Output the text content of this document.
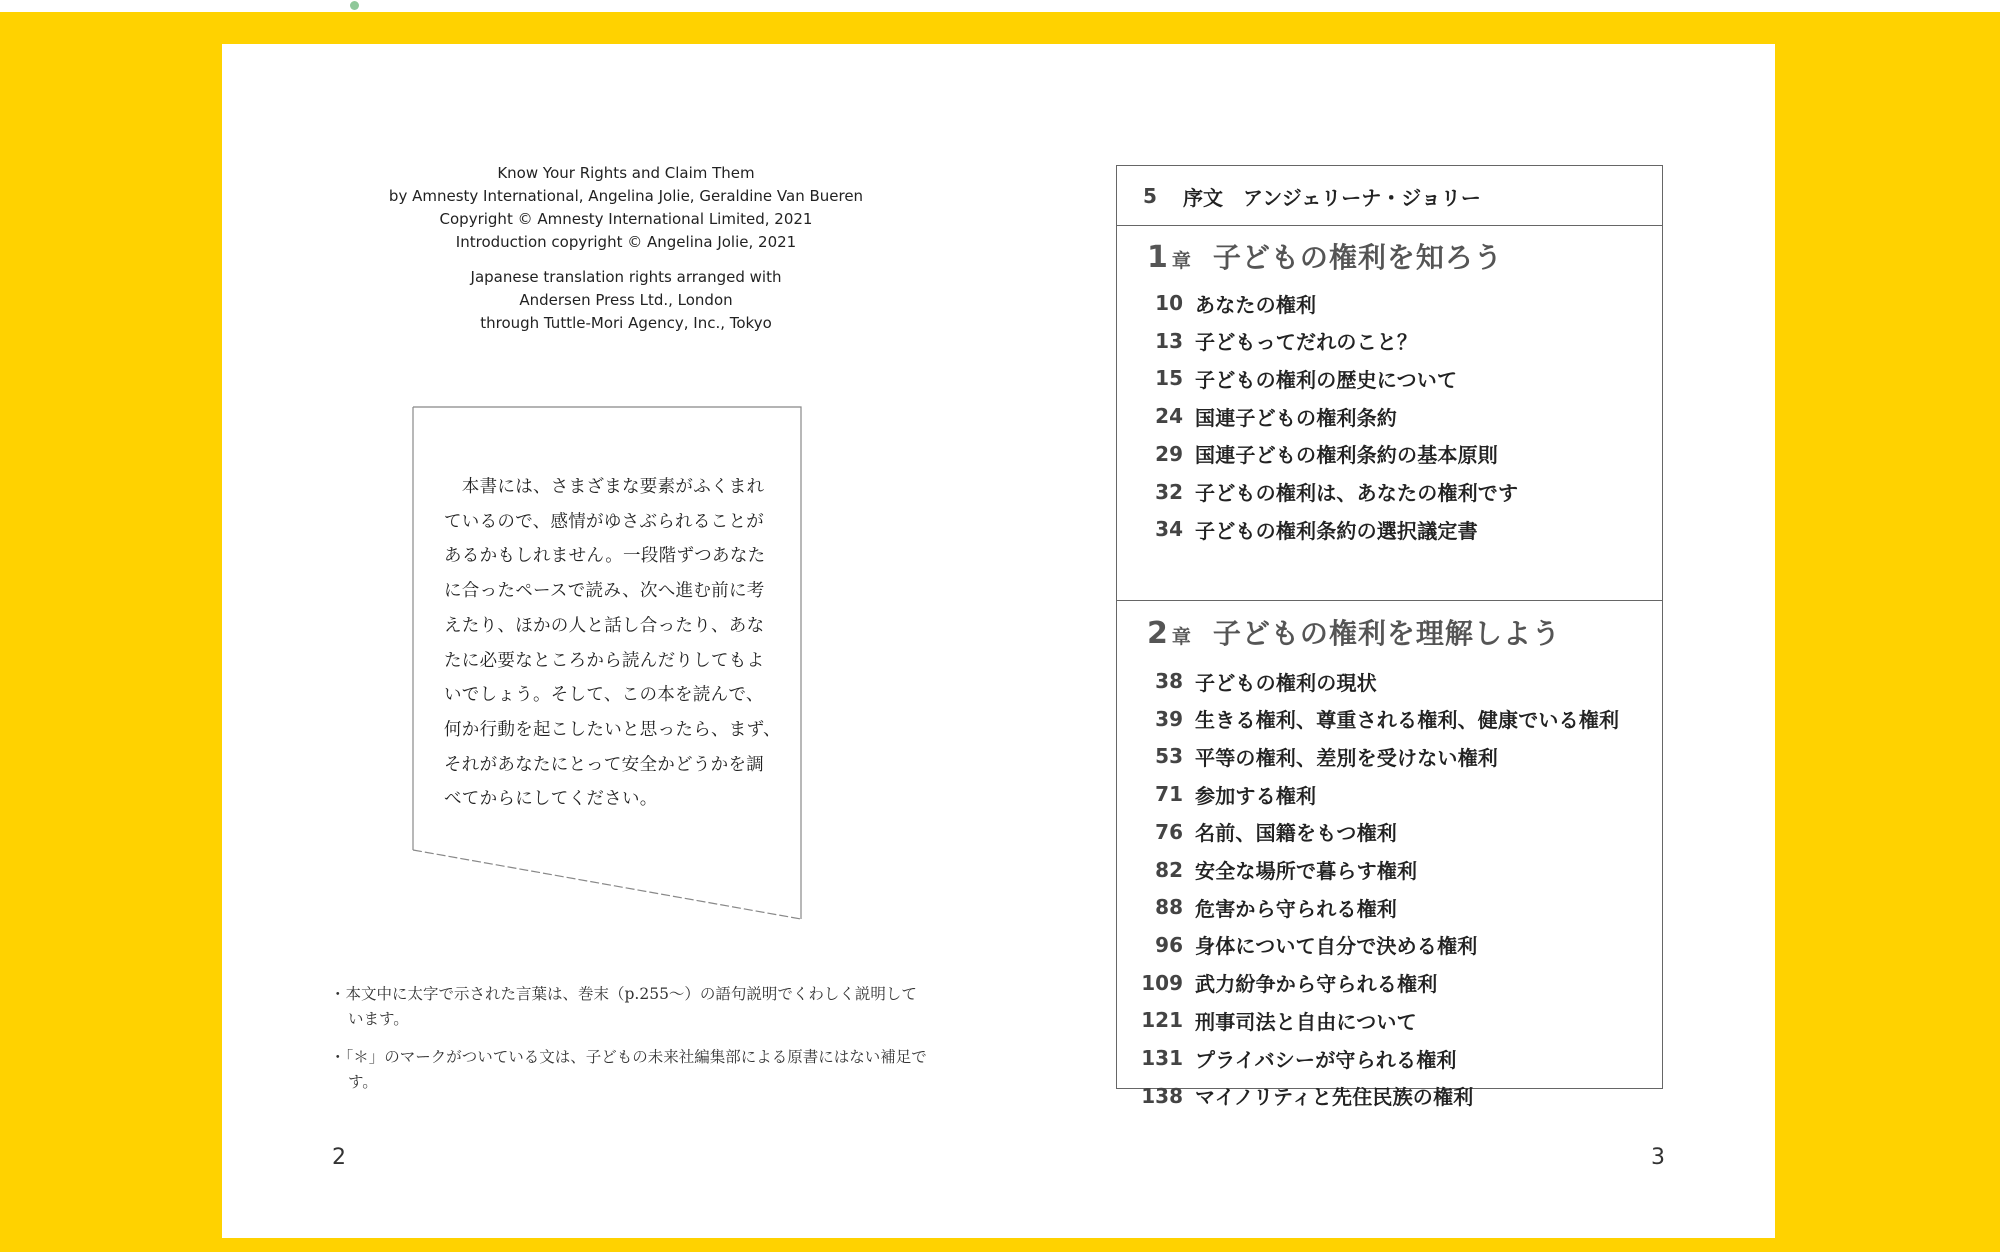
Know Your Rights and Claim Them
by Amnesty International, Angelina Jolie, Geraldine Van Bueren
Copyright © Amnesty International Limited, 2021
Introduction copyright © Angelina Jolie, 2021
Japanese translation rights arranged with
Andersen Press Ltd., London
through Tuttle-Mori Agency, Inc., Tokyo

　本書には、さまざまな要素がふくまれ

ているので、感情がゆさぶられることが

あるかもしれません。一段階ずつあなた

に合ったペースで読み、次へ進む前に考

えたり、ほかの人と話し合ったり、あな

たに必要なところから読んだりしてもよ

いでしょう。そして、この本を読んで、

何か行動を起こしたいと思ったら、まず、

それがあなたにとって安全かどうかを調

べてからにしてください。

・本文中に太字で示された言葉は、巻末（p.255～）の語句説明でくわしく説明しています。
・「＊」のマークがついている文は、子どもの未来社編集部による原書にはない補足です。
2
5 序文　アンジェリーナ・ジョリー
1 章 子どもの権利を知ろう
10 あなたの権利
13 子どもってだれのこと？
15 子どもの権利の歴史について
24 国連子どもの権利条約
29 国連子どもの権利条約の基本原則
32 子どもの権利は、あなたの権利です
34 子どもの権利条約の選択議定書
2 章 子どもの権利を理解しよう
38 子どもの権利の現状
39 生きる権利、尊重される権利、健康でいる権利
53 平等の権利、差別を受けない権利
71 参加する権利
76 名前、国籍をもつ権利
82 安全な場所で暮らす権利
88 危害から守られる権利
96 身体について自分で決める権利
109 武力紛争から守られる権利
121 刑事司法と自由について
131 プライバシーが守られる権利
138 マイノリティと先住民族の権利
3
